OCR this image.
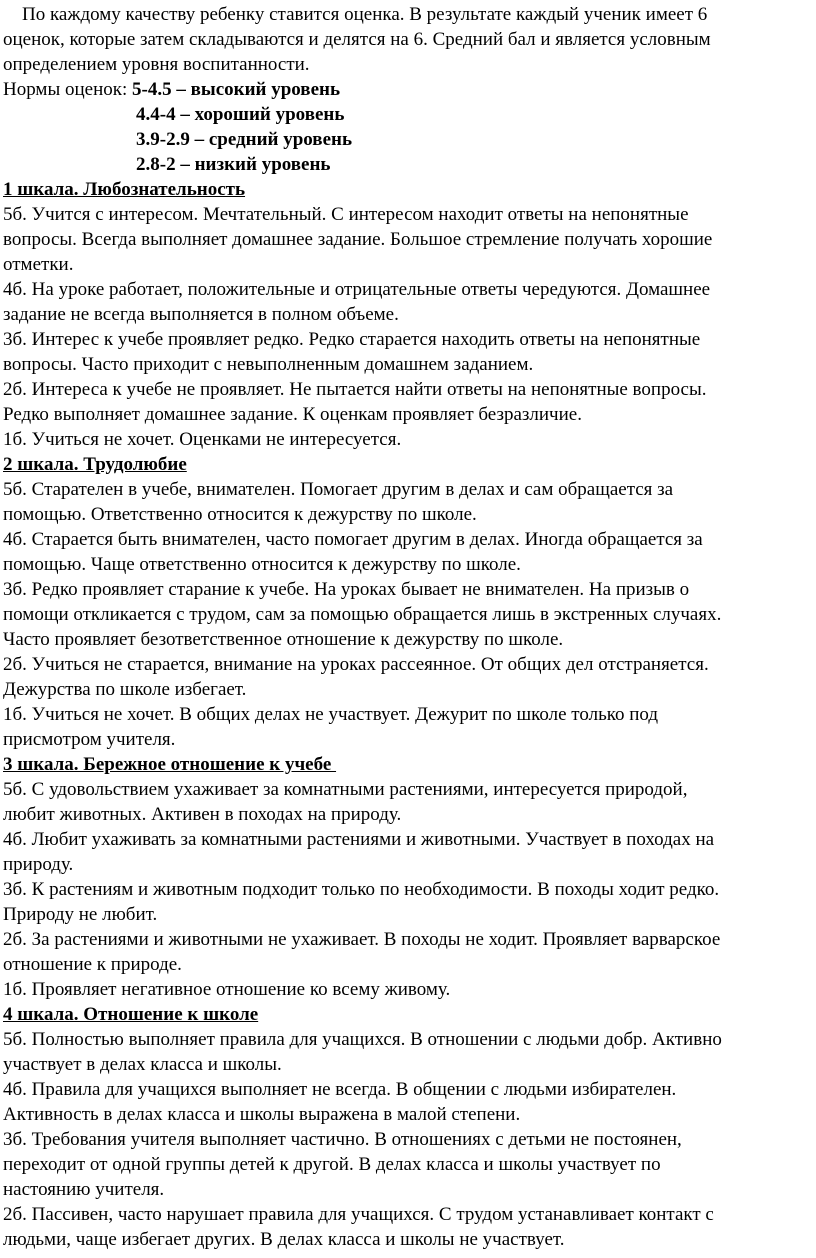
По каждому качеству ребенку ставится оценка. В результате каждый ученик имеет 6
оценок, которые затем складываются и делятся на 6. Средний бал и является условным
определением уровня воспитанности.
Нормы оценок: 5-4.5 – высокий уровень
4.4-4 – хороший уровень
3.9-2.9 – средний уровень
2.8-2 – низкий уровень
1 шкала. Любознательность
5б. Учится с интересом. Мечтательный. С интересом находит ответы на непонятные
вопросы. Всегда выполняет домашнее задание. Большое стремление получать хорошие
отметки.
4б. На уроке работает, положительные и отрицательные ответы чередуются. Домашнее
задание не всегда выполняется в полном объеме.
3б. Интерес к учебе проявляет редко. Редко старается находить ответы на непонятные
вопросы. Часто приходит с невыполненным домашнем заданием.
2б. Интереса к учебе не проявляет. Не пытается найти ответы на непонятные вопросы.
Редко выполняет домашнее задание. К оценкам проявляет безразличие.
1б. Учиться не хочет. Оценками не интересуется.
2 шкала. Трудолюбие
5б. Старателен в учебе, внимателен. Помогает другим в делах и сам обращается за
помощью. Ответственно относится к дежурству по школе.
4б. Старается быть внимателен, часто помогает другим в делах. Иногда обращается за
помощью. Чаще ответственно относится к дежурству по школе.
3б. Редко проявляет старание к учебе. На уроках бывает не внимателен. На призыв о
помощи откликается с трудом, сам за помощью обращается лишь в экстренных случаях.
Часто проявляет безответственное отношение к дежурству по школе.
2б. Учиться не старается, внимание на уроках рассеянное. От общих дел отстраняется.
Дежурства по школе избегает.
1б. Учиться не хочет. В общих делах не участвует. Дежурит по школе только под
присмотром учителя.
3 шкала. Бережное отношение к учебе
5б. С удовольствием ухаживает за комнатными растениями, интересуется природой,
любит животных. Активен в походах на природу.
4б. Любит ухаживать за комнатными растениями и животными. Участвует в походах на
природу.
3б. К растениям и животным подходит только по необходимости. В походы ходит редко.
Природу не любит.
2б. За растениями и животными не ухаживает. В походы не ходит. Проявляет варварское
отношение к природе.
1б. Проявляет негативное отношение ко всему живому.
4 шкала. Отношение к школе
5б. Полностью выполняет правила для учащихся. В отношении с людьми добр. Активно
участвует в делах класса и школы.
4б. Правила для учащихся выполняет не всегда. В общении с людьми избирателен.
Активность в делах класса и школы выражена в малой степени.
3б. Требования учителя выполняет частично. В отношениях с детьми не постоянен,
переходит от одной группы детей к другой. В делах класса и школы участвует по
настоянию учителя.
2б. Пассивен, часто нарушает правила для учащихся. С трудом устанавливает контакт с
людьми, чаще избегает других. В делах класса и школы не участвует.
